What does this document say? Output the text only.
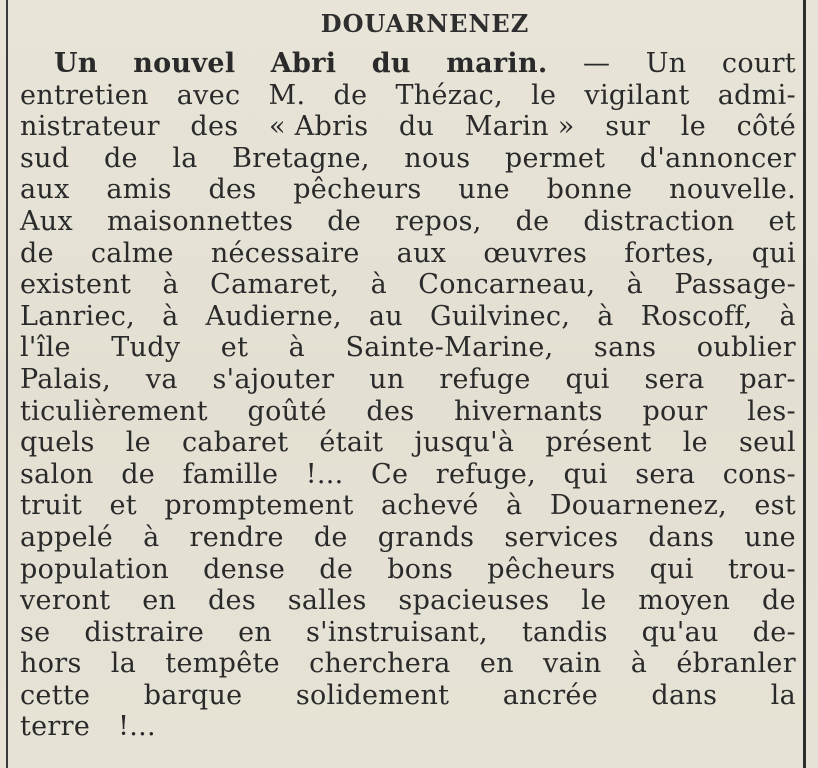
DOUARNENEZ
Un nouvel Abri du marin. — Un court
entretien avec M. de Thézac, le vigilant admi-
nistrateur des « Abris du Marin » sur le côté
sud de la Bretagne, nous permet d'annoncer
aux amis des pêcheurs une bonne nouvelle.
Aux maisonnettes de repos, de distraction et
de calme nécessaire aux œuvres fortes, qui
existent à Camaret, à Concarneau, à Passage-
Lanriec, à Audierne, au Guilvinec, à Roscoff, à
l'île Tudy et à Sainte-Marine, sans oublier
Palais, va s'ajouter un refuge qui sera par-
ticulièrement goûté des hivernants pour les-
quels le cabaret était jusqu'à présent le seul
salon de famille !... Ce refuge, qui sera cons-
truit et promptement achevé à Douarnenez, est
appelé à rendre de grands services dans une
population dense de bons pêcheurs qui trou-
veront en des salles spacieuses le moyen de
se distraire en s'instruisant, tandis qu'au de-
hors la tempête cherchera en vain à ébranler
cette barque solidement ancrée dans la
terre !...
